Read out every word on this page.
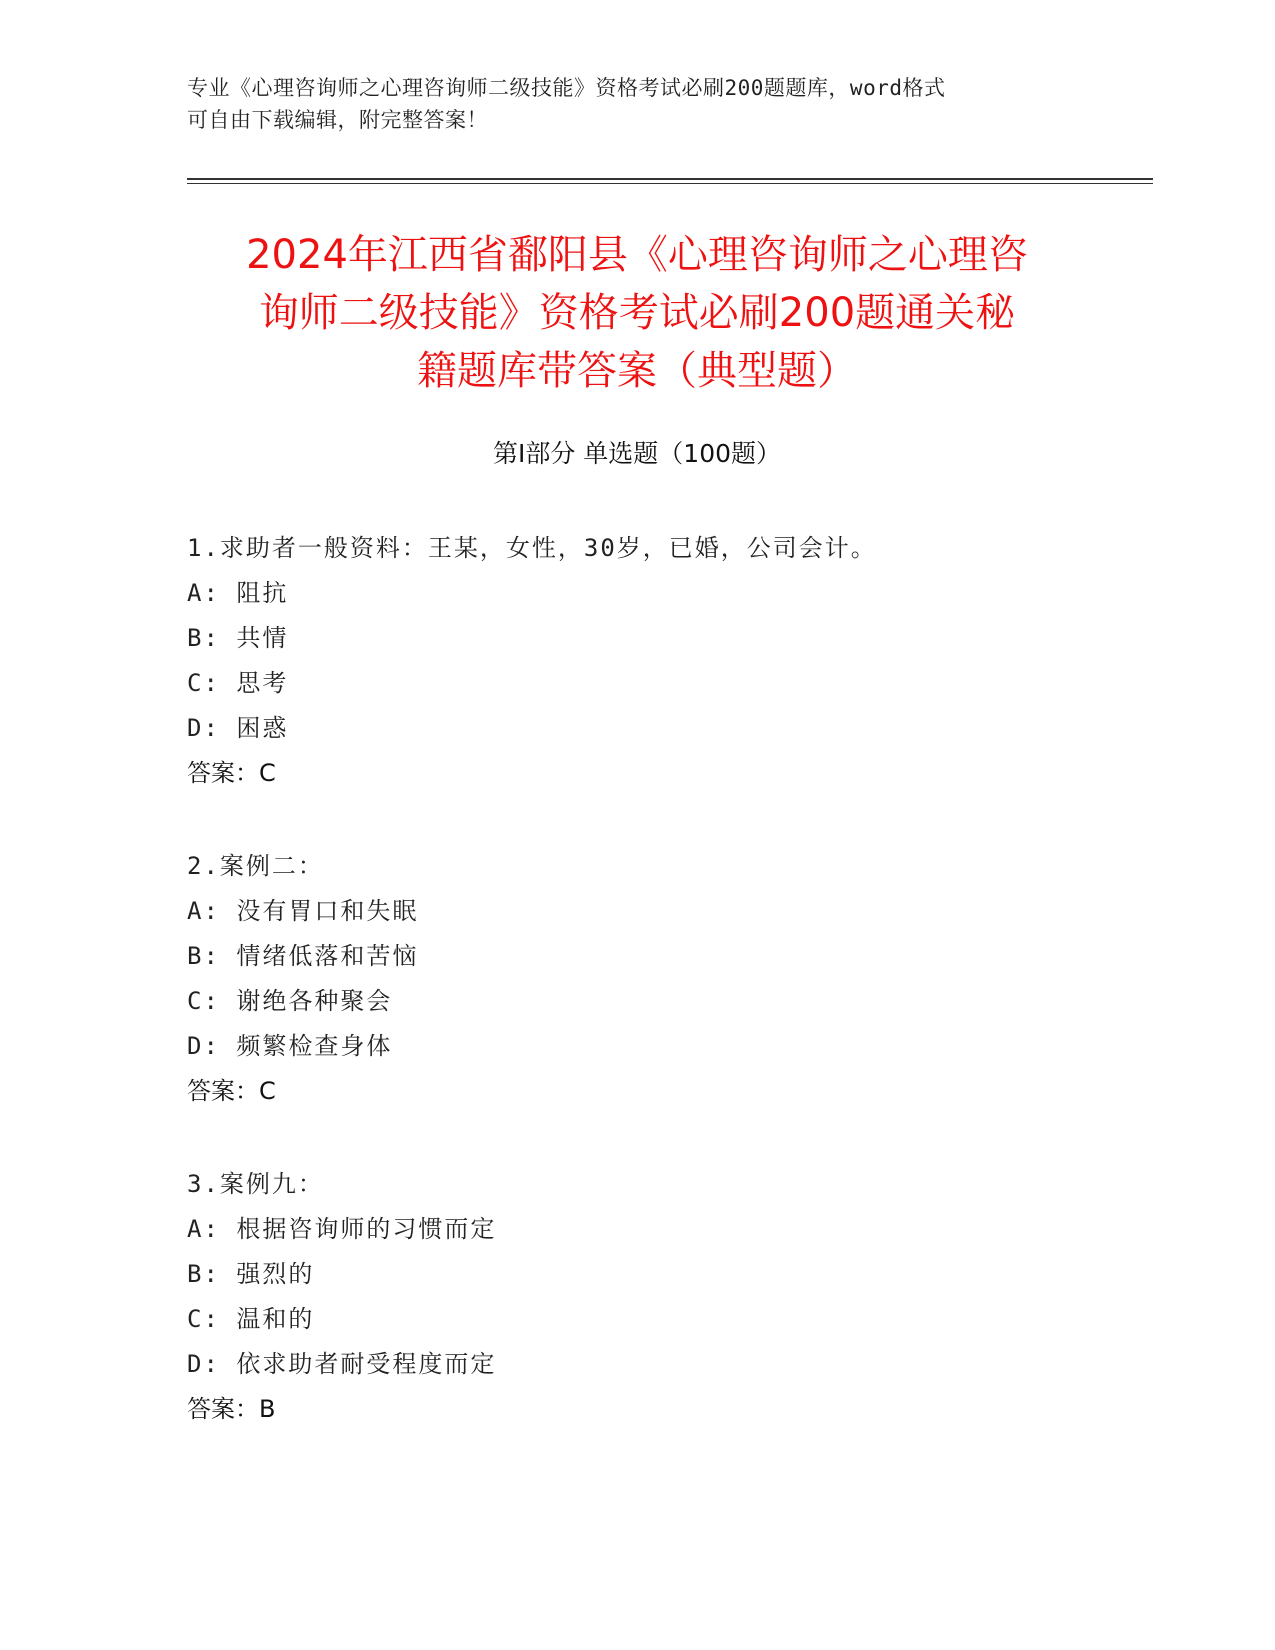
专业《心理咨询师之心理咨询师二级技能》资格考试必刷200题题库，word格式
可自由下载编辑，附完整答案！
2024年江西省鄱阳县《心理咨询师之心理咨
询师二级技能》资格考试必刷200题通关秘
籍题库带答案（典型题）
第Ⅰ部分 单选题（100题）
1.求助者一般资料：王某，女性，30岁，已婚，公司会计。
A: 阻抗
B: 共情
C: 思考
D: 困惑
答案：C
2.案例二：
A: 没有胃口和失眠
B: 情绪低落和苦恼
C: 谢绝各种聚会
D: 频繁检查身体
答案：C
3.案例九：
A: 根据咨询师的习惯而定
B: 强烈的
C: 温和的
D: 依求助者耐受程度而定
答案：B
